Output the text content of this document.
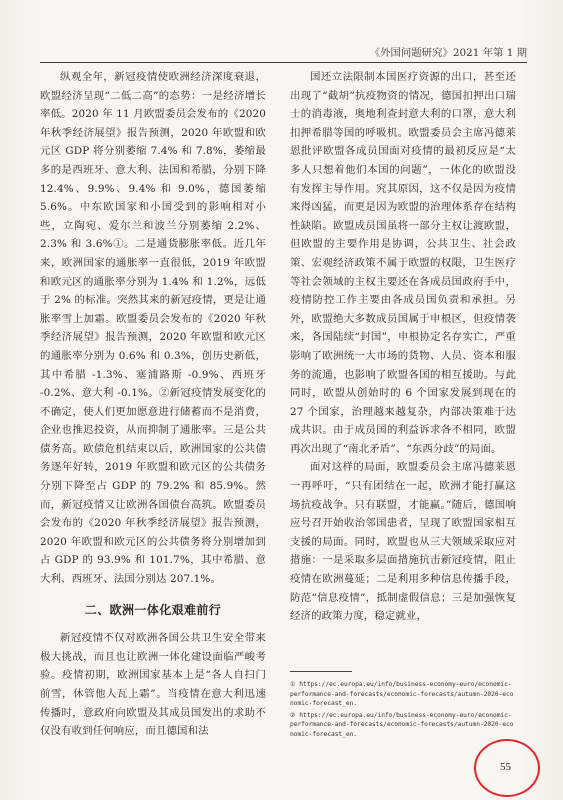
《外国问题研究》2021 年第 1 期

纵观全年，新冠疫情使欧洲经济深度衰退，欧盟经济呈现“二低二高”的态势：一是经济增长率低。2020 年 11 月欧盟委员会发布的《2020年秋季经济展望》报告预测，2020 年欧盟和欧元区 GDP 将分别萎缩 7.4% 和 7.8%，萎缩最多的是西班牙、意大利、法国和希腊，分别下降 12.4%、9.9%、9.4% 和 9.0%，德国萎缩 5.6%。中东欧国家和小国受到的影响相对小些，立陶宛、爱尔兰和波兰分别萎缩 2.2%、2.3% 和 3.6%①。二是通货膨胀率低。近几年来，欧洲国家的通胀率一直很低，2019 年欧盟和欧元区的通胀率分别为 1.4% 和 1.2%，远低于 2% 的标准。突然其来的新冠疫情，更是让通胀率雪上加霜。欧盟委员会发布的《2020 年秋季经济展望》报告预测，2020 年欧盟和欧元区的通胀率分别为 0.6% 和 0.3%，创历史新低，其中希腊 -1.3%、塞浦路斯 -0.9%、西班牙 -0.2%、意大利 -0.1%。②新冠疫情发展变化的不确定，使人们更加愿意进行储蓄而不是消费，企业也推迟投资，从而抑制了通胀率。三是公共债务高。欧债危机结束以后，欧洲国家的公共债务逐年好转，2019 年欧盟和欧元区的公共债务分别下降至占 GDP 的 79.2% 和 85.9%。然而，新冠疫情又让欧洲各国债台高筑。欧盟委员会发布的《2020 年秋季经济展望》报告预测，2020 年欧盟和欧元区的公共债务将分别增加到占 GDP 的 93.9% 和 101.7%，其中希腊、意大利、西班牙、法国分别达 207.1%。

二、欧洲一体化艰难前行

新冠疫情不仅对欧洲各国公共卫生安全带来极大挑战，而且也让欧洲一体化建设面临严峻考验。疫情初期，欧洲国家基本上是“各人自扫门前雪，休管他人瓦上霜”。当疫情在意大利迅速传播时，意政府向欧盟及其成员国发出的求助不仅没有收到任何响应，而且德国和法

国还立法限制本国医疗资源的出口，甚至还出现了“截胡”抗疫物资的情况，德国扣押出口瑞士的消毒液，奥地利查封意大利的口罩，意大利扣押希腊等国的呼吸机。欧盟委员会主席冯德莱恩批评欧盟各成员国面对疫情的最初反应是“太多人只想着他们本国的问题”，一体化的欧盟没有发挥主导作用。究其原因，这不仅是因为疫情来得凶猛，而更是因为欧盟的治理体系存在结构性缺陷。欧盟成员国虽将一部分主权让渡欧盟，但欧盟的主要作用是协调，公共卫生、社会政策、宏观经济政策不属于欧盟的权限，卫生医疗等社会领域的主权主要还在各成员国政府手中，疫情防控工作主要由各成员国负责和承担。另外，欧盟绝大多数成员国属于申根区，但疫情袭来，各国陆续“封国”，申根协定名存实亡，严重影响了欧洲统一大市场的货物、人员、资本和服务的流通，也影响了欧盟各国的相互援助。与此同时，欧盟从创始时的 6 个国家发展到现在的 27 个国家，治理越来越复杂，内部决策难于达成共识。由于成员国的利益诉求各不相同，欧盟再次出现了“南北矛盾”、“东西分歧”的局面。

面对这样的局面，欧盟委员会主席冯德莱恩一再呼吁，“只有团结在一起，欧洲才能打赢这场抗疫战争。只有联盟，才能赢。”随后，德国响应号召开始收治邻国患者，呈现了欧盟国家相互支援的局面。同时，欧盟也从三大领域采取应对措施：一是采取多层面措施抗击新冠疫情，阻止疫情在欧洲蔓延；二是利用多种信息传播手段，防范“信息疫情”，抵制虚假信息；三是加强恢复经济的政策力度，稳定就业，

① https://ec.europa.eu/info/business-economy-euro/economic-performance-and-forecasts/economic-forecasts/autumn-2020-economic-forecast_en.

② https://ec.europa.eu/info/business-economy-euro/economic-performance-and-forecasts/economic-forecasts/autumn-2020-economic-forecast_en.

55
